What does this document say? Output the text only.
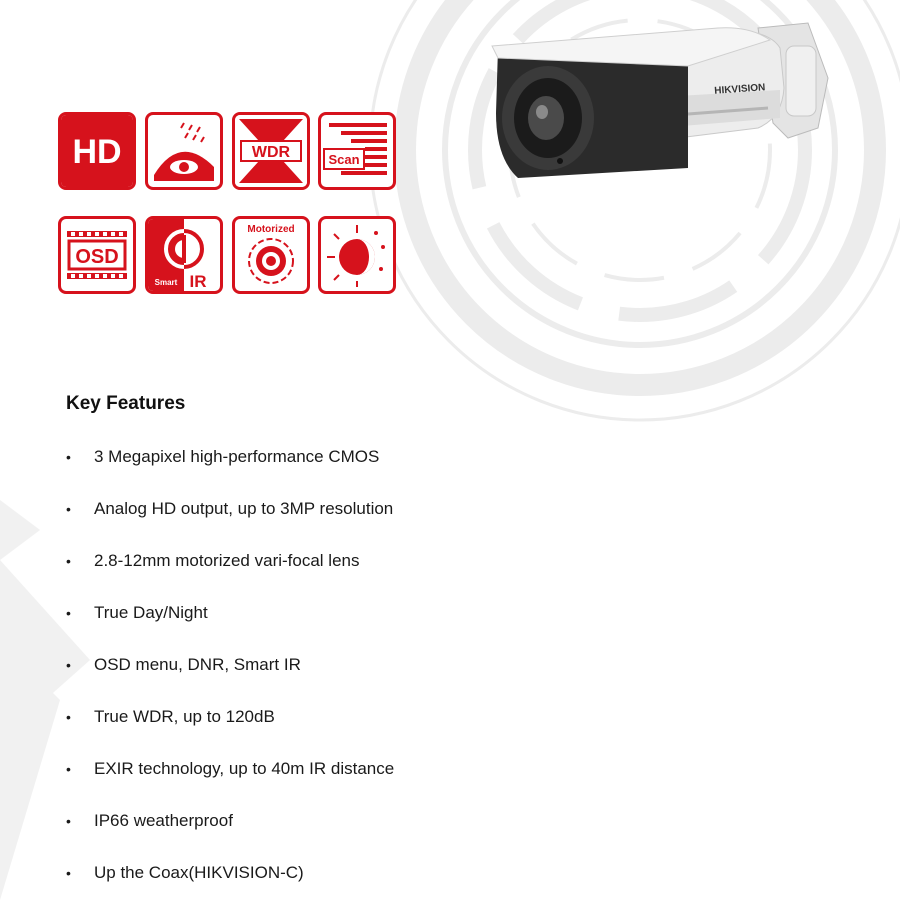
HD	WDR	Scan
OSD
Smart IR
Motorized
HIKVISION
Key Features
•	3 Megapixel high-performance CMOS
•	Analog HD output, up to 3MP resolution
•	2.8-12mm motorized vari-focal lens
•	True Day/Night
•	OSD menu, DNR, Smart IR
•	True WDR, up to 120dB
•	EXIR technology, up to 40m IR distance
•	IP66 weatherproof
•	Up the Coax(HIKVISION-C)
